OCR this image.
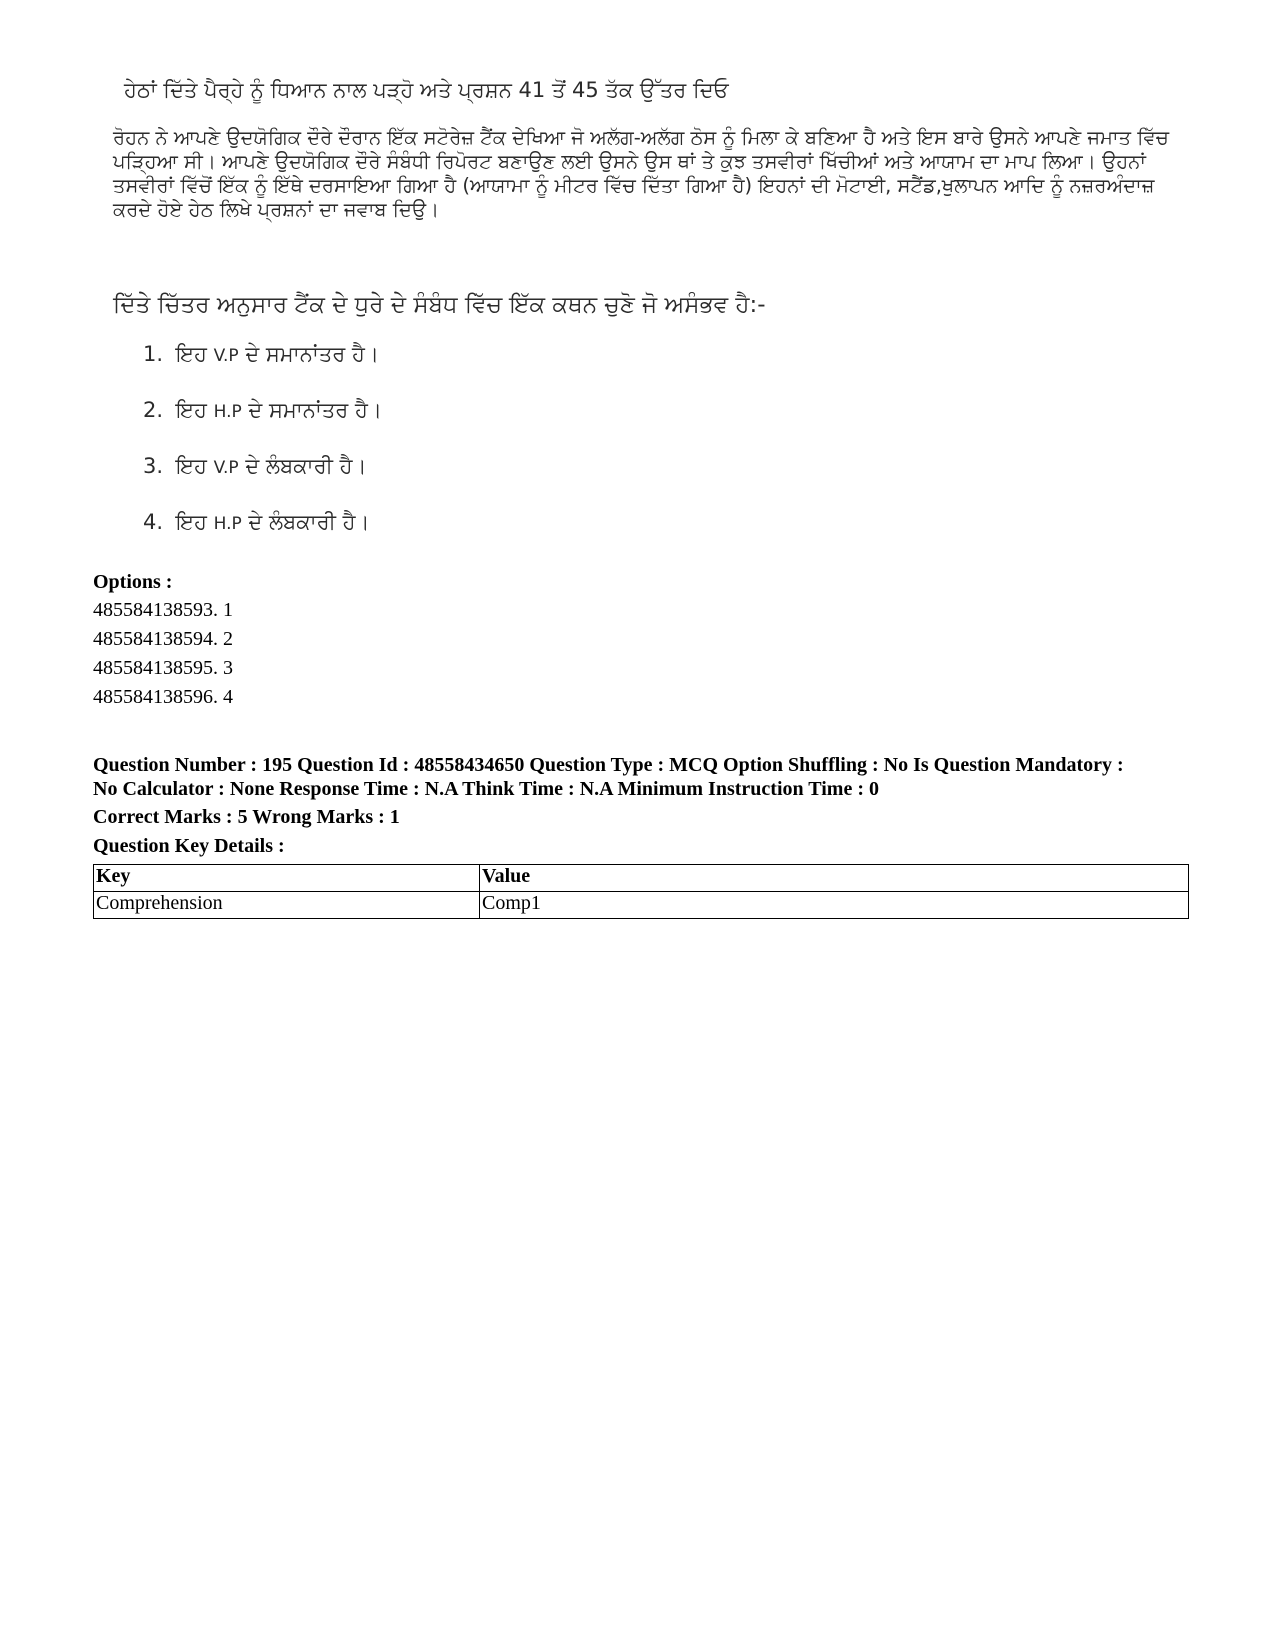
ਹੇਠਾਂ ਦਿੱਤੇ ਪੈਰ੍ਹੇ ਨੂੰ ਧਿਆਨ ਨਾਲ ਪੜ੍ਹੋ ਅਤੇ ਪ੍ਰਸ਼ਨ 41 ਤੋਂ 45 ਤੱਕ ਉੱਤਰ ਦਿਓ
ਰੋਹਨ ਨੇ ਆਪਣੇ ਉਦਯੋਗਿਕ ਦੌਰੇ ਦੌਰਾਨ ਇੱਕ ਸਟੋਰੇਜ਼ ਟੈਂਕ ਦੇਖਿਆ ਜੋ ਅਲੱਗ-ਅਲੱਗ ਠੋਸ ਨੂੰ ਮਿਲਾ ਕੇ ਬਣਿਆ ਹੈ ਅਤੇ ਇਸ ਬਾਰੇ ਉਸਨੇ ਆਪਣੇ ਜਮਾਤ ਵਿੱਚ ਪੜ੍ਹਿਆ ਸੀ। ਆਪਣੇ ਉਦਯੋਗਿਕ ਦੌਰੇ ਸੰਬੰਧੀ ਰਿਪੋਰਟ ਬਣਾਉਣ ਲਈ ਉਸਨੇ ਉਸ ਥਾਂ ਤੇ ਕੁਝ ਤਸਵੀਰਾਂ ਖਿੱਚੀਆਂ ਅਤੇ ਆਯਾਮ ਦਾ ਮਾਪ ਲਿਆ। ਉਹਨਾਂ ਤਸਵੀਰਾਂ ਵਿੱਚੋਂ ਇੱਕ ਨੂੰ ਇੱਥੇ ਦਰਸਾਇਆ ਗਿਆ ਹੈ (ਆਯਾਮਾ ਨੂੰ ਮੀਟਰ ਵਿੱਚ ਦਿੱਤਾ ਗਿਆ ਹੈ) ਇਹਨਾਂ ਦੀ ਮੋਟਾਈ, ਸਟੈਂਡ,ਖੁਲਾਪਨ ਆਦਿ ਨੂੰ ਨਜ਼ਰਅੰਦਾਜ਼ ਕਰਦੇ ਹੋਏ ਹੇਠ ਲਿਖੇ ਪ੍ਰਸ਼ਨਾਂ ਦਾ ਜਵਾਬ ਦਿਉ।
ਦਿੱਤੇ ਚਿੱਤਰ ਅਨੁਸਾਰ ਟੈਂਕ ਦੇ ਧੁਰੇ ਦੇ ਸੰਬੰਧ ਵਿੱਚ ਇੱਕ ਕਥਨ ਚੁਣੋ ਜੋ ਅਸੰਭਵ ਹੈ:-
1. ਇਹ V.P ਦੇ ਸਮਾਨਾਂਤਰ ਹੈ।
2. ਇਹ H.P ਦੇ ਸਮਾਨਾਂਤਰ ਹੈ।
3. ਇਹ V.P ਦੇ ਲੰਬਕਾਰੀ ਹੈ।
4. ਇਹ H.P ਦੇ ਲੰਬਕਾਰੀ ਹੈ।
Options :
485584138593. 1
485584138594. 2
485584138595. 3
485584138596. 4
Question Number : 195 Question Id : 48558434650 Question Type : MCQ Option Shuffling : No Is Question Mandatory :
No Calculator : None Response Time : N.A Think Time : N.A Minimum Instruction Time : 0
Correct Marks : 5 Wrong Marks : 1
Question Key Details :
Key	Value
Comprehension	Comp1
